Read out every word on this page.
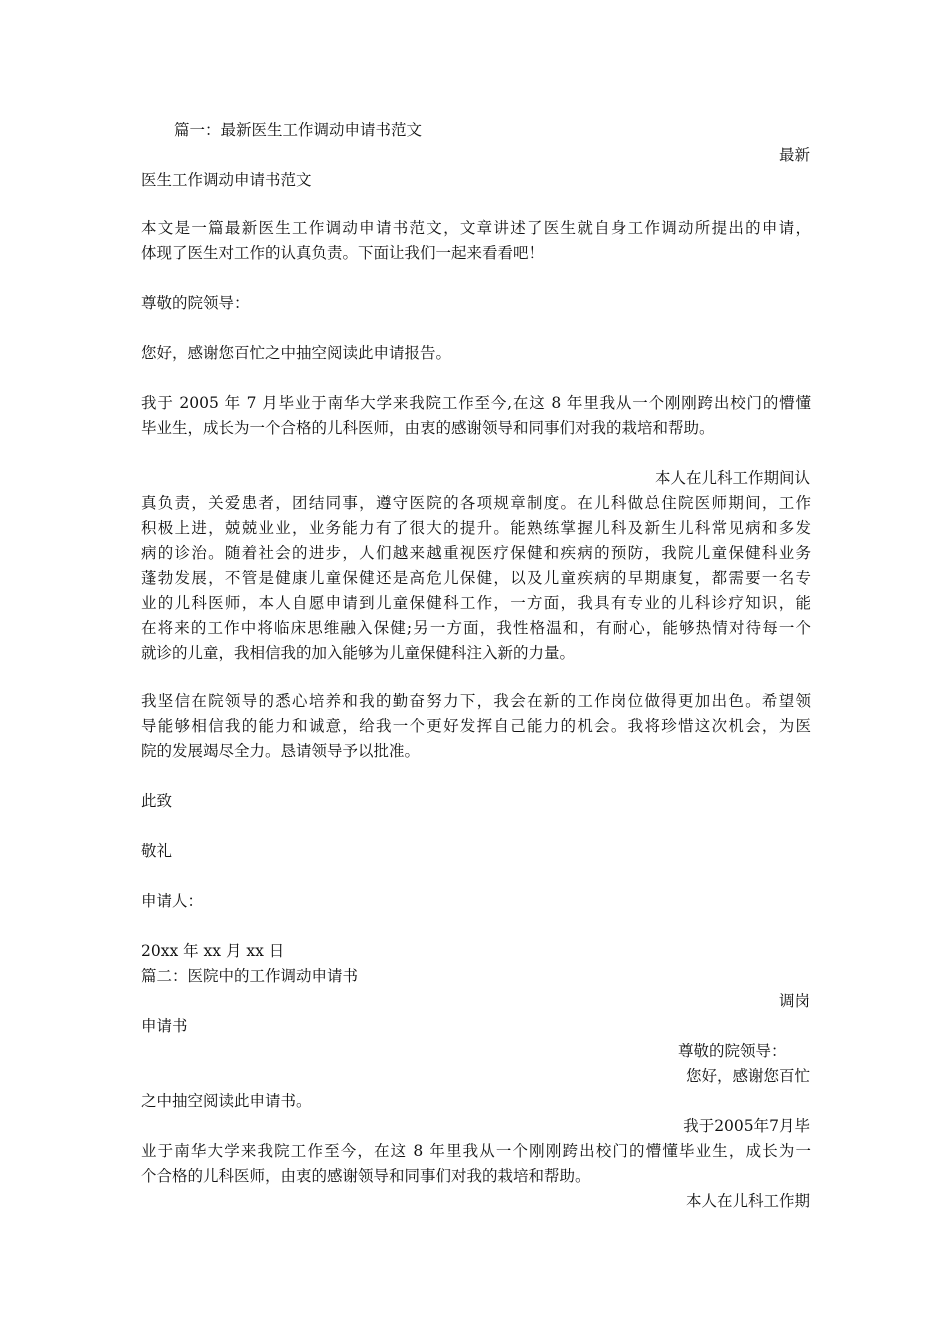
篇一：最新医生工作调动申请书范文
最新
医生工作调动申请书范文
本文是一篇最新医生工作调动申请书范文，文章讲述了医生就自身工作调动所提出的申请，
体现了医生对工作的认真负责。下面让我们一起来看看吧！
尊敬的院领导：
您好，感谢您百忙之中抽空阅读此申请报告。
我于 2005 年 7 月毕业于南华大学来我院工作至今,在这 8 年里我从一个刚刚跨出校门的懵懂
毕业生，成长为一个合格的儿科医师，由衷的感谢领导和同事们对我的栽培和帮助。
本人在儿科工作期间认
真负责，关爱患者，团结同事，遵守医院的各项规章制度。在儿科做总住院医师期间，工作
积极上进，兢兢业业，业务能力有了很大的提升。能熟练掌握儿科及新生儿科常见病和多发
病的诊治。随着社会的进步，人们越来越重视医疗保健和疾病的预防，我院儿童保健科业务
蓬勃发展，不管是健康儿童保健还是高危儿保健，以及儿童疾病的早期康复，都需要一名专
业的儿科医师，本人自愿申请到儿童保健科工作，一方面，我具有专业的儿科诊疗知识，能
在将来的工作中将临床思维融入保健;另一方面，我性格温和，有耐心，能够热情对待每一个
就诊的儿童，我相信我的加入能够为儿童保健科注入新的力量。
我坚信在院领导的悉心培养和我的勤奋努力下，我会在新的工作岗位做得更加出色。希望领
导能够相信我的能力和诚意，给我一个更好发挥自己能力的机会。我将珍惜这次机会，为医
院的发展竭尽全力。恳请领导予以批准。
此致
敬礼
申请人：
20xx 年 xx 月 xx 日
篇二：医院中的工作调动申请书
调岗
申请书
尊敬的院领导：
您好，感谢您百忙
之中抽空阅读此申请书。
我于2005年7月毕
业于南华大学来我院工作至今，在这 8 年里我从一个刚刚跨出校门的懵懂毕业生，成长为一
个合格的儿科医师，由衷的感谢领导和同事们对我的栽培和帮助。
本人在儿科工作期
